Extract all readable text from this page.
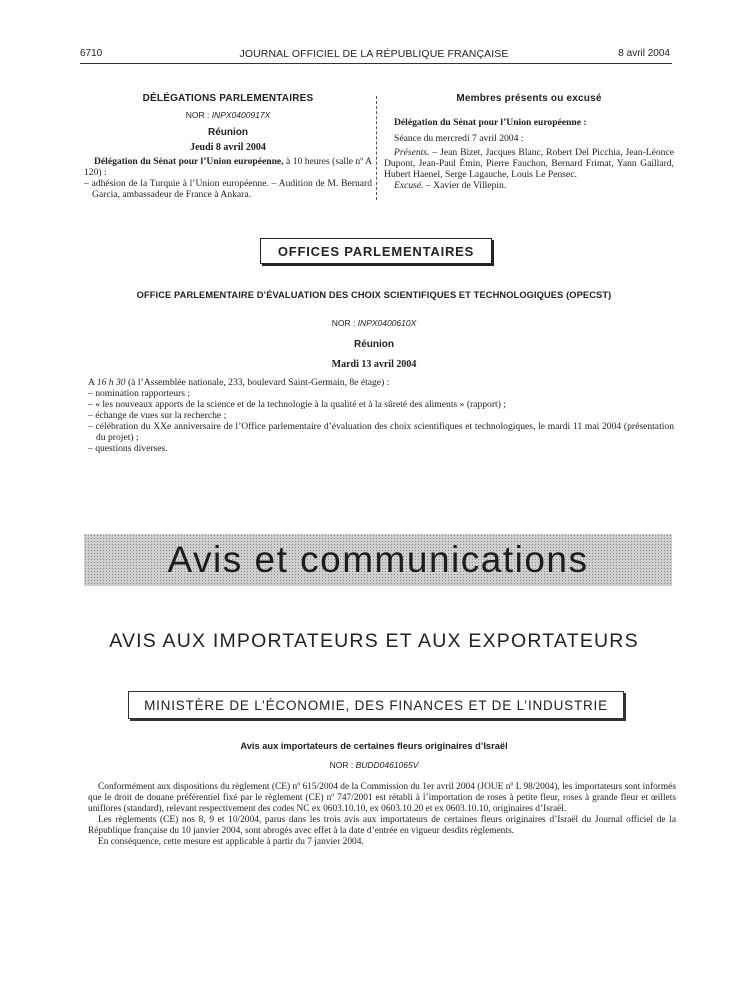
6710	JOURNAL OFFICIEL DE LA RÉPUBLIQUE FRANÇAISE	8 avril 2004
DÉLÉGATIONS PARLEMENTAIRES
NOR : INPX0400917X
Réunion
Jeudi 8 avril 2004
Délégation du Sénat pour l’Union européenne, à 10 heures (salle nº A 120) :
– adhésion de la Turquie à l’Union européenne. – Audition de M. Bernard Garcia, ambassadeur de France à Ankara.
Membres présents ou excusé
Délégation du Sénat pour l’Union européenne :
Séance du mercredi 7 avril 2004 :
Présents. – Jean Bizet, Jacques Blanc, Robert Del Picchia, Jean-Léonce Dupont, Jean-Paul Émin, Pierre Fauchon, Bernard Frimat, Yann Gaillard, Hubert Haenel, Serge Lagauche, Louis Le Pensec.
Excusé. – Xavier de Villepin.
OFFICES PARLEMENTAIRES
OFFICE PARLEMENTAIRE D’ÉVALUATION DES CHOIX SCIENTIFIQUES ET TECHNOLOGIQUES (OPECST)
NOR : INPX0400610X
Réunion
Mardi 13 avril 2004
A 16 h 30 (à l’Assemblée nationale, 233, boulevard Saint-Germain, 8e étage) :
– nomination rapporteurs ;
– « les nouveaux apports de la science et de la technologie à la qualité et à la sûreté des aliments » (rapport) ;
– échange de vues sur la recherche ;
– célébration du XXe anniversaire de l’Office parlementaire d’évaluation des choix scientifiques et technologiques, le mardi 11 mai 2004 (présentation du projet) ;
– questions diverses.
Avis et communications
AVIS AUX IMPORTATEURS ET AUX EXPORTATEURS
MINISTÈRE DE L’ÉCONOMIE, DES FINANCES ET DE L’INDUSTRIE
Avis aux importateurs de certaines fleurs originaires d’Israël
NOR : BUDD0461065V

Conformément aux dispositions du règlement (CE) nº 615/2004 de la Commission du 1er avril 2004 (JOUE nº L 98/2004), les importateurs sont informés que le droit de douane préférentiel fixé par le règlement (CE) nº 747/2001 est rétabli à l’importation de roses à petite fleur, roses à grande fleur et œillets uniflores (standard), relevant respectivement des codes NC ex 0603.10.10, ex 0603.10.20 et ex 0603.10.10, originaires d’Israël.

Les règlements (CE) nos 8, 9 et 10/2004, parus dans les trois avis aux importateurs de certaines fleurs originaires d’Israël du Journal officiel de la République française du 10 janvier 2004, sont abrogés avec effet à la date d’entrée en vigueur desdits règlements.

En conséquence, cette mesure est applicable à partir du 7 janvier 2004.
